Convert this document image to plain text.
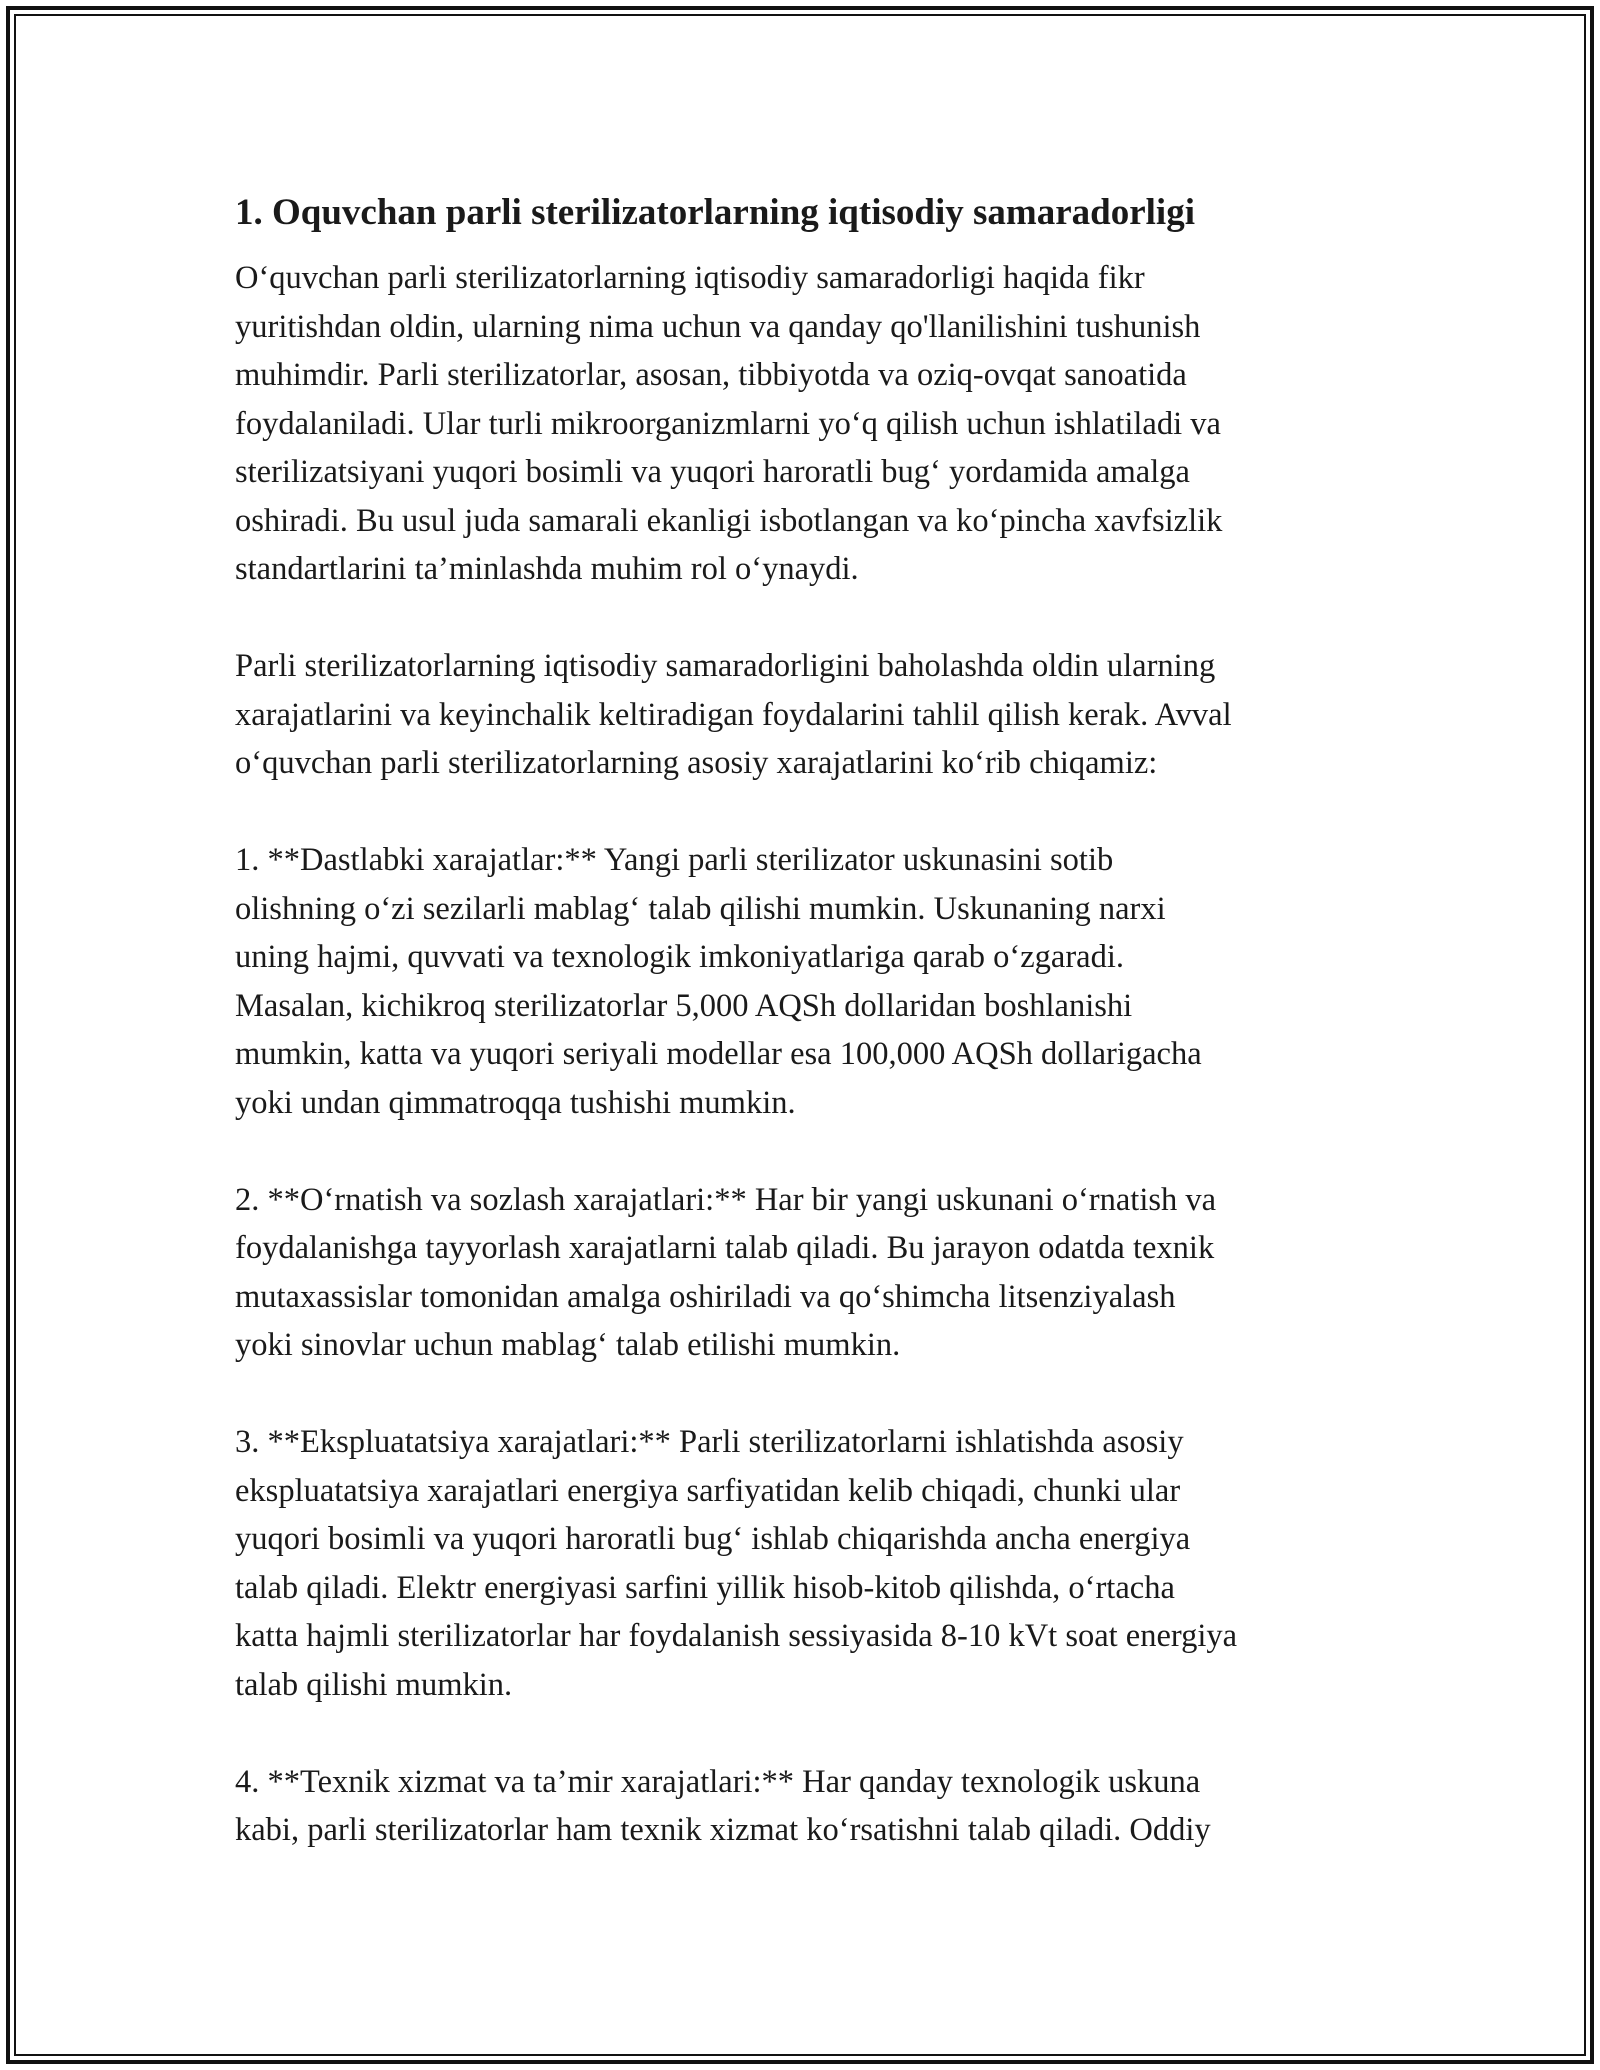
1. Oquvchan parli sterilizatorlarning iqtisodiy samaradorligi

O‘quvchan parli sterilizatorlarning iqtisodiy samaradorligi haqida fikr
yuritishdan oldin, ularning nima uchun va qanday qo'llanilishini tushunish
muhimdir. Parli sterilizatorlar, asosan, tibbiyotda va oziq-ovqat sanoatida
foydalaniladi. Ular turli mikroorganizmlarni yo‘q qilish uchun ishlatiladi va
sterilizatsiyani yuqori bosimli va yuqori haroratli bug‘ yordamida amalga
oshiradi. Bu usul juda samarali ekanligi isbotlangan va ko‘pincha xavfsizlik
standartlarini ta’minlashda muhim rol o‘ynaydi.

Parli sterilizatorlarning iqtisodiy samaradorligini baholashda oldin ularning
xarajatlarini va keyinchalik keltiradigan foydalarini tahlil qilish kerak. Avval
o‘quvchan parli sterilizatorlarning asosiy xarajatlarini ko‘rib chiqamiz:

1. **Dastlabki xarajatlar:** Yangi parli sterilizator uskunasini sotib
olishning o‘zi sezilarli mablag‘ talab qilishi mumkin. Uskunaning narxi
uning hajmi, quvvati va texnologik imkoniyatlariga qarab o‘zgaradi.
Masalan, kichikroq sterilizatorlar 5,000 AQSh dollaridan boshlanishi
mumkin, katta va yuqori seriyali modellar esa 100,000 AQSh dollarigacha
yoki undan qimmatroqqa tushishi mumkin.

2. **O‘rnatish va sozlash xarajatlari:** Har bir yangi uskunani o‘rnatish va
foydalanishga tayyorlash xarajatlarni talab qiladi. Bu jarayon odatda texnik
mutaxassislar tomonidan amalga oshiriladi va qo‘shimcha litsenziyalash
yoki sinovlar uchun mablag‘ talab etilishi mumkin.

3. **Ekspluatatsiya xarajatlari:** Parli sterilizatorlarni ishlatishda asosiy
ekspluatatsiya xarajatlari energiya sarfiyatidan kelib chiqadi, chunki ular
yuqori bosimli va yuqori haroratli bug‘ ishlab chiqarishda ancha energiya
talab qiladi. Elektr energiyasi sarfini yillik hisob-kitob qilishda, o‘rtacha
katta hajmli sterilizatorlar har foydalanish sessiyasida 8-10 kVt soat energiya
talab qilishi mumkin.

4. **Texnik xizmat va ta’mir xarajatlari:** Har qanday texnologik uskuna
kabi, parli sterilizatorlar ham texnik xizmat ko‘rsatishni talab qiladi. Oddiy
